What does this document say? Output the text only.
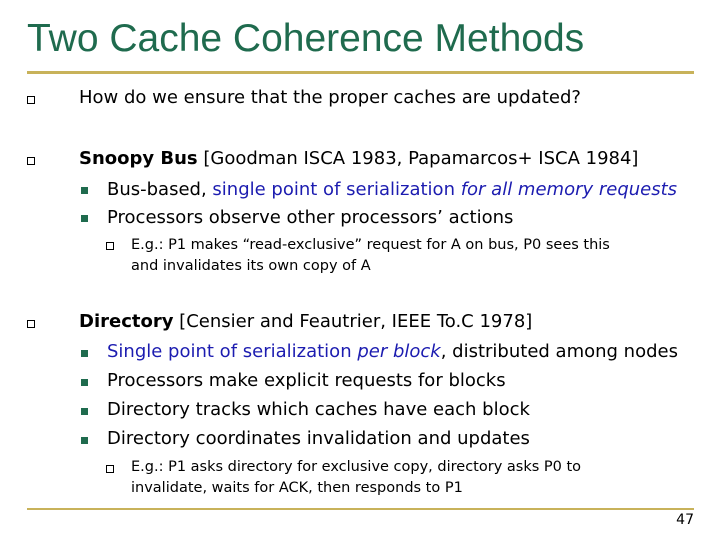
Two Cache Coherence Methods
How do we ensure that the proper caches are updated?
Snoopy Bus [Goodman ISCA 1983, Papamarcos+ ISCA 1984]
Bus-based, single point of serialization for all memory requests
Processors observe other processors’ actions
E.g.: P1 makes “read-exclusive” request for A on bus, P0 sees this
and invalidates its own copy of A
Directory [Censier and Feautrier, IEEE To.C 1978]
Single point of serialization per block, distributed among nodes
Processors make explicit requests for blocks
Directory tracks which caches have each block
Directory coordinates invalidation and updates
E.g.: P1 asks directory for exclusive copy, directory asks P0 to
invalidate, waits for ACK, then responds to P1
47
